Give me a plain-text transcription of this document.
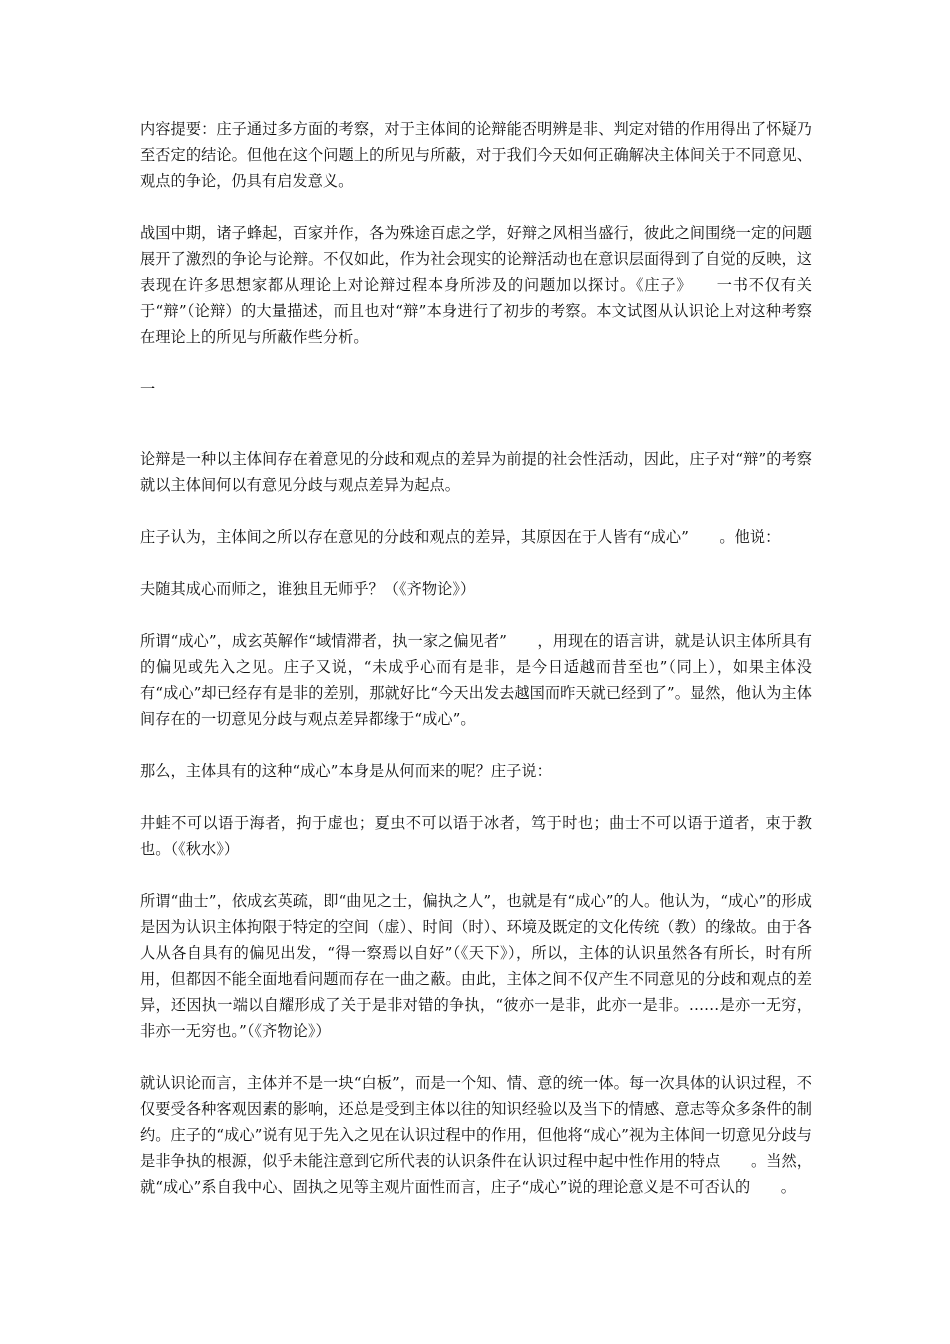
内容提要：庄子通过多方面的考察，对于主体间的论辩能否明辨是非、判定对错的作用得出了怀疑乃至否定的结论。但他在这个问题上的所见与所蔽，对于我们今天如何正确解决主体间关于不同意见、观点的争论，仍具有启发意义。

战国中期，诸子蜂起，百家并作，各为殊途百虑之学，好辩之风相当盛行，彼此之间围绕一定的问题展开了激烈的争论与论辩。不仅如此，作为社会现实的论辩活动也在意识层面得到了自觉的反映，这表现在许多思想家都从理论上对论辩过程本身所涉及的问题加以探讨。《庄子》　　一书不仅有关于“辩”（论辩）的大量描述，而且也对“辩”本身进行了初步的考察。本文试图从认识论上对这种考察在理论上的所见与所蔽作些分析。

一

论辩是一种以主体间存在着意见的分歧和观点的差异为前提的社会性活动，因此，庄子对“辩”的考察就以主体间何以有意见分歧与观点差异为起点。

庄子认为，主体间之所以存在意见的分歧和观点的差异，其原因在于人皆有“成心”　　。他说：

夫随其成心而师之，谁独且无师乎？（《齐物论》）

所谓“成心”，成玄英解作“域情滞者，执一家之偏见者”　　，用现在的语言讲，就是认识主体所具有的偏见或先入之见。庄子又说，“未成乎心而有是非，是今日适越而昔至也”（同上），如果主体没有“成心”却已经存有是非的差别，那就好比“今天出发去越国而昨天就已经到了”。显然，他认为主体间存在的一切意见分歧与观点差异都缘于“成心”。

那么，主体具有的这种“成心”本身是从何而来的呢？庄子说：

井蛙不可以语于海者，拘于虚也；夏虫不可以语于冰者，笃于时也；曲士不可以语于道者，束于教也。（《秋水》）

所谓“曲士”，依成玄英疏，即“曲见之士，偏执之人”，也就是有“成心”的人。他认为，“成心”的形成是因为认识主体拘限于特定的空间（虚）、时间（时）、环境及既定的文化传统（教）的缘故。由于各人从各自具有的偏见出发，“得一察焉以自好”（《天下》），所以，主体的认识虽然各有所长，时有所用，但都因不能全面地看问题而存在一曲之蔽。由此，主体之间不仅产生不同意见的分歧和观点的差异，还因执一端以自耀形成了关于是非对错的争执，“彼亦一是非，此亦一是非。……是亦一无穷，非亦一无穷也。”（《齐物论》）

就认识论而言，主体并不是一块“白板”，而是一个知、情、意的统一体。每一次具体的认识过程，不仅要受各种客观因素的影响，还总是受到主体以往的知识经验以及当下的情感、意志等众多条件的制约。庄子的“成心”说有见于先入之见在认识过程中的作用，但他将“成心”视为主体间一切意见分歧与是非争执的根源，似乎未能注意到它所代表的认识条件在认识过程中起中性作用的特点　　。当然，就“成心”系自我中心、固执之见等主观片面性而言，庄子“成心”说的理论意义是不可否认的　　。
